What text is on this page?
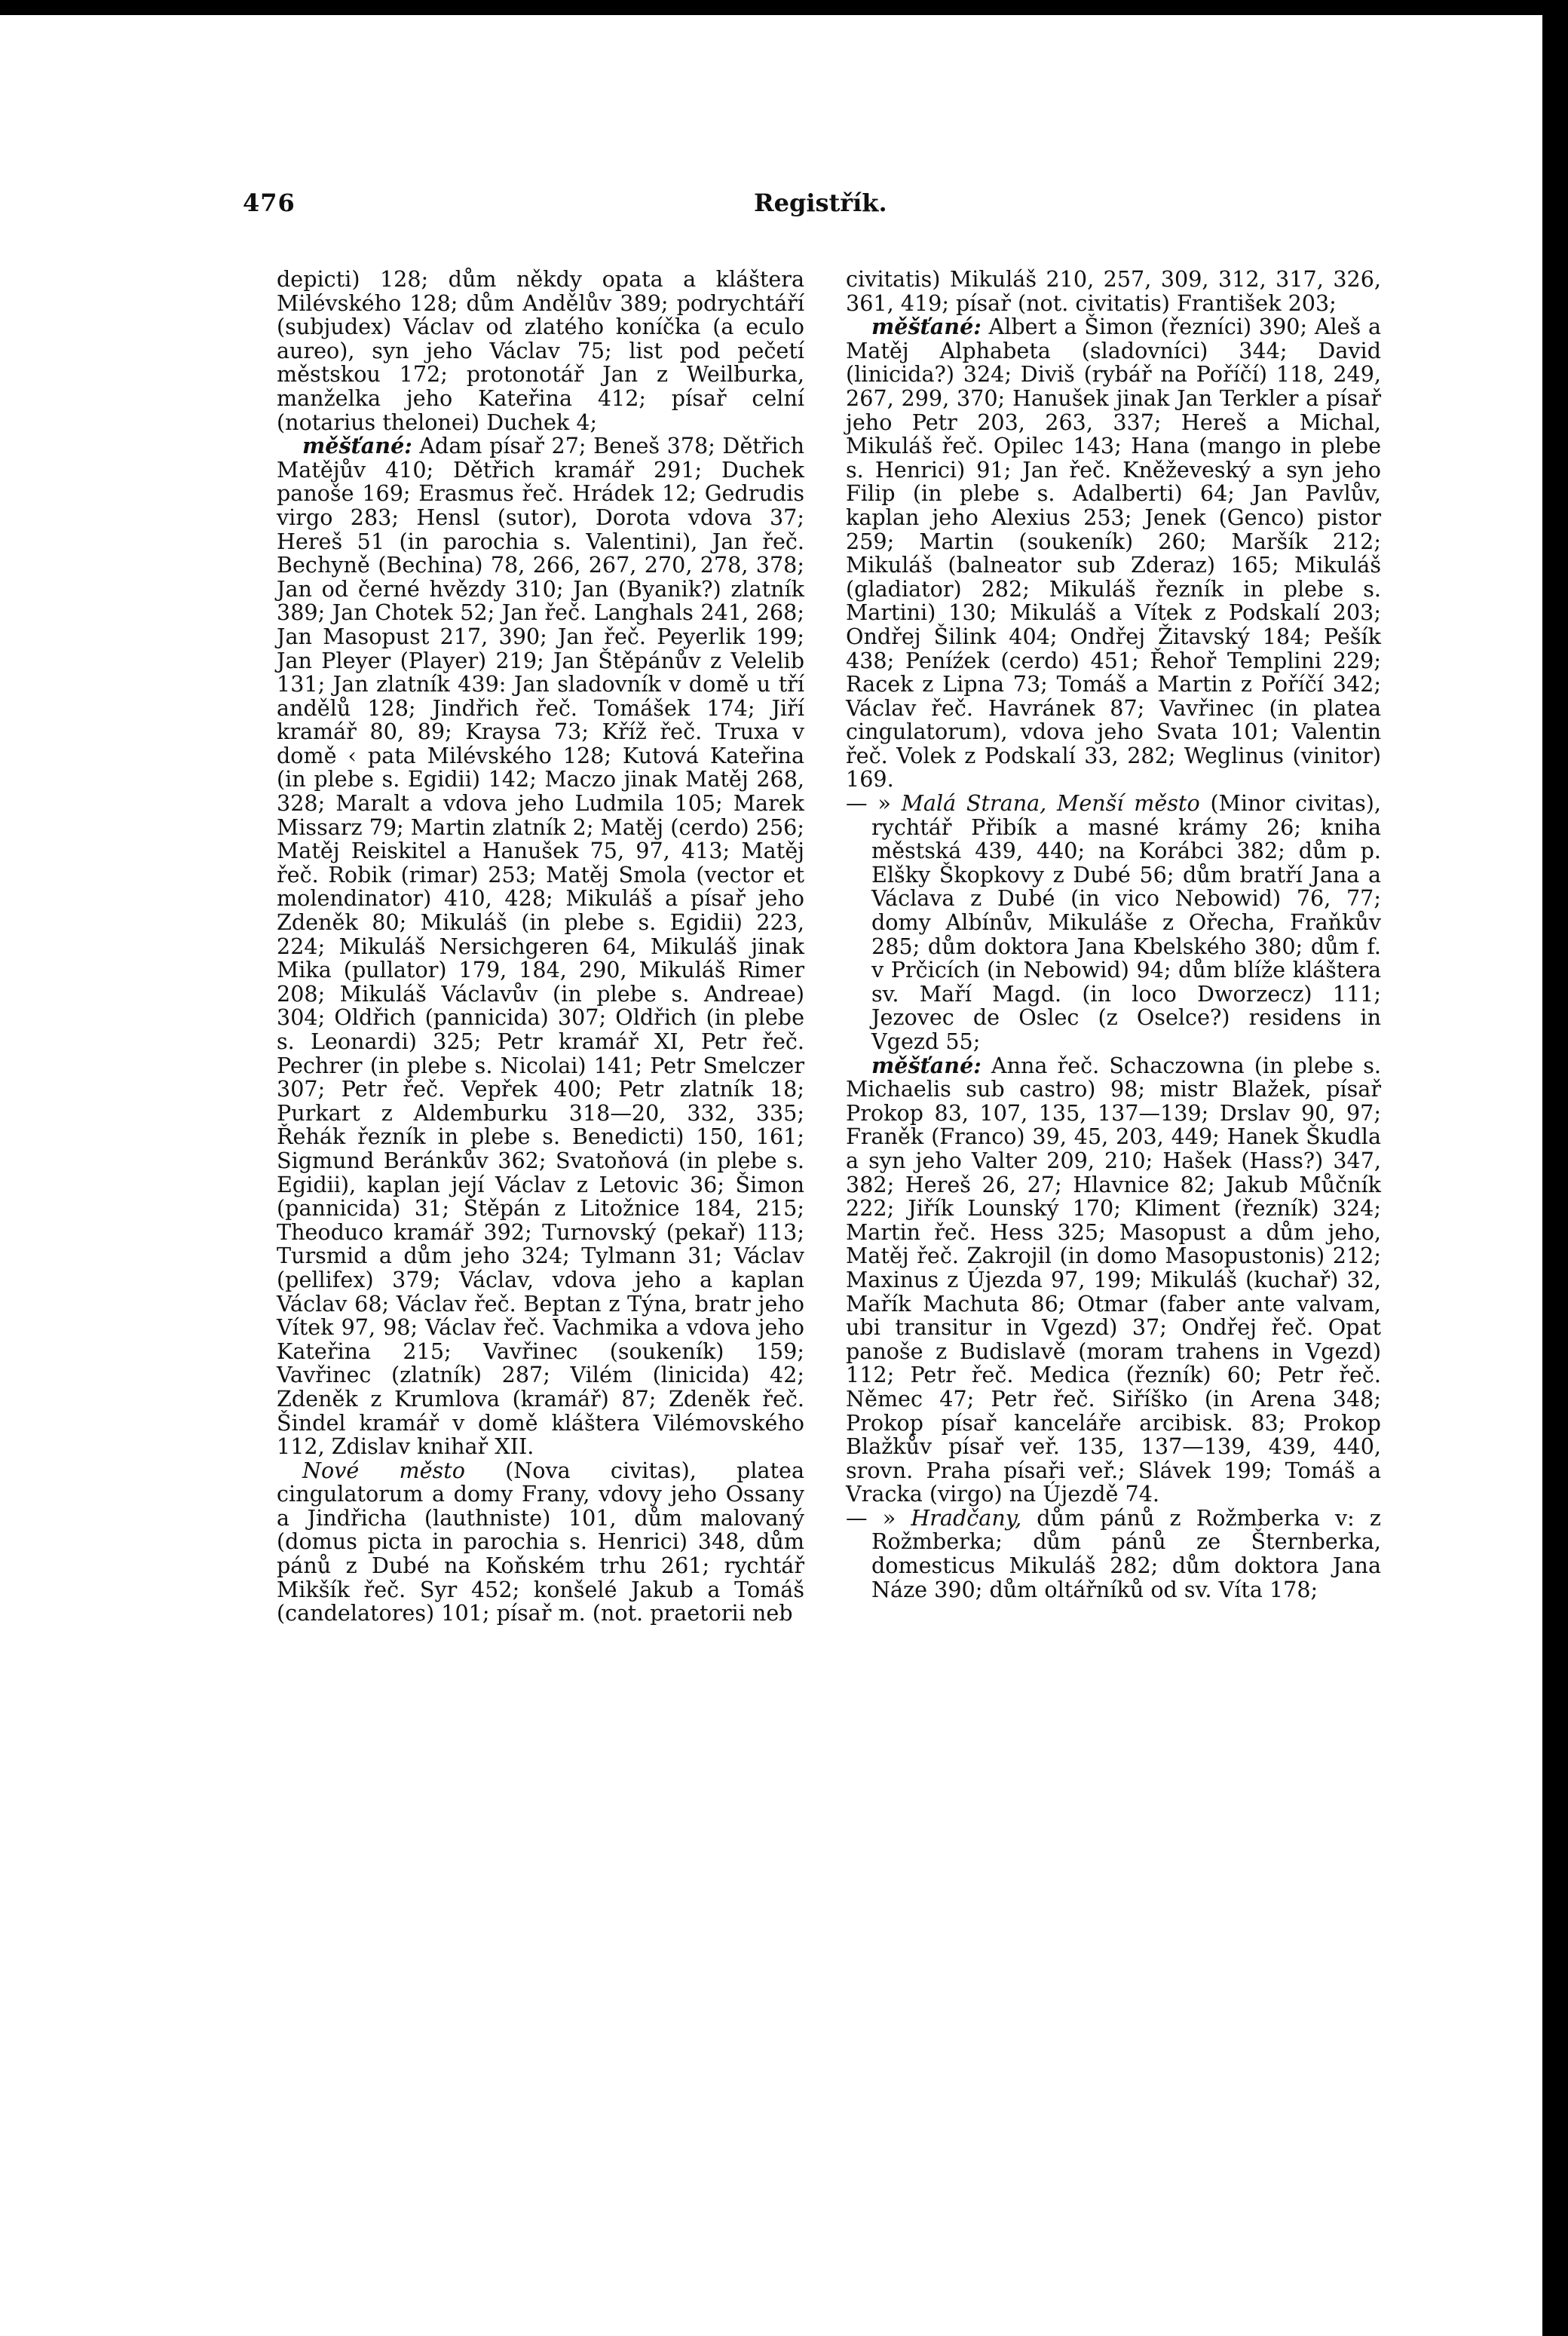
476	Registřík.

depicti) 128; dům někdy opata a kláštera Milévského 128; dům Andělův 389; podrychtáří (subjudex) Václav od zlatého koníčka (a eculo aureo), syn jeho Václav 75; list pod pečetí městskou 172; protonotář Jan z Weilburka, manželka jeho Kateřina 412; písař celní (notarius thelonei) Duchek 4;

měšťané: Adam písař 27; Beneš 378; Dětřich Matějův 410; Dětřich kramář 291; Duchek panoše 169; Erasmus řeč. Hrádek 12; Gedrudis virgo 283; Hensl (sutor), Dorota vdova 37; Hereš 51 (in parochia s. Valentini), Jan řeč. Bechyně (Bechina) 78, 266, 267, 270, 278, 378; Jan od černé hvězdy 310; Jan (Byanik?) zlatník 389; Jan Chotek 52; Jan řeč. Langhals 241, 268; Jan Masopust 217, 390; Jan řeč. Peyerlik 199; Jan Pleyer (Player) 219; Jan Štěpánův z Velelib 131; Jan zlatník 439: Jan sladovník v domě u tří andělů 128; Jindřich řeč. Tomášek 174; Jiří kramář 80, 89; Kraysa 73; Kříž řeč. Truxa v domě ‹ pata Milévského 128; Kutová Kateřina (in plebe s. Egidii) 142; Maczo jinak Matěj 268, 328; Maralt a vdova jeho Ludmila 105; Marek Missarz 79; Martin zlatník 2; Matěj (cerdo) 256; Matěj Reiskitel a Hanušek 75, 97, 413; Matěj řeč. Robik (rimar) 253; Matěj Smola (vector et molendinator) 410, 428; Mikuláš a písař jeho Zdeněk 80; Mikuláš (in plebe s. Egidii) 223, 224; Mikuláš Nersichgeren 64, Mikuláš jinak Mika (pullator) 179, 184, 290, Mikuláš Rimer 208; Mikuláš Václavův (in plebe s. Andreae) 304; Oldřich (pannicida) 307; Oldřich (in plebe s. Leonardi) 325; Petr kramář XI, Petr řeč. Pechrer (in plebe s. Nicolai) 141; Petr Smelczer 307; Petr řeč. Vepřek 400; Petr zlatník 18; Purkart z Aldemburku 318—20, 332, 335; Řehák řezník in plebe s. Benedicti) 150, 161; Sigmund Beránkův 362; Svatoňová (in plebe s. Egidii), kaplan její Václav z Letovic 36; Šimon (pannicida) 31; Štěpán z Litožnice 184, 215; Theoduco kramář 392; Turnovský (pekař) 113; Tursmid a dům jeho 324; Tylmann 31; Václav (pellifex) 379; Václav, vdova jeho a kaplan Václav 68; Václav řeč. Beptan z Týna, bratr jeho Vítek 97, 98; Václav řeč. Vachmika a vdova jeho Kateřina 215; Vavřinec (soukeník) 159; Vavřinec (zlatník) 287; Vilém (linicida) 42; Zdeněk z Krumlova (kramář) 87; Zdeněk řeč. Šindel kramář v domě kláštera Vilémovského 112, Zdislav knihař XII.

Nové město (Nova civitas), platea cingulatorum a domy Frany, vdovy jeho Ossany a Jindřicha (lauthniste) 101, dům malovaný (domus picta in parochia s. Henrici) 348, dům pánů z Dubé na Koňském trhu 261; rychtář Mikšík řeč. Syr 452; konšelé Jakub a Tomáš (candelatores) 101; písař m. (not. praetorii neb

civitatis) Mikuláš 210, 257, 309, 312, 317, 326, 361, 419; písař (not. civitatis) František 203;

měšťané: Albert a Šimon (řezníci) 390; Aleš a Matěj Alphabeta (sladovníci) 344; David (linicida?) 324; Diviš (rybář na Poříčí) 118, 249, 267, 299, 370; Hanušek jinak Jan Terkler a písař jeho Petr 203, 263, 337; Hereš a Michal, Mikuláš řeč. Opilec 143; Hana (mango in plebe s. Henrici) 91; Jan řeč. Kněževeský a syn jeho Filip (in plebe s. Adalberti) 64; Jan Pavlův, kaplan jeho Alexius 253; Jenek (Genco) pistor 259; Martin (soukeník) 260; Maršík 212; Mikuláš (balneator sub Zderaz) 165; Mikuláš (gladiator) 282; Mikuláš řezník in plebe s. Martini) 130; Mikuláš a Vítek z Podskalí 203; Ondřej Šilink 404; Ondřej Žitavský 184; Pešík 438; Peníźek (cerdo) 451; Řehoř Templini 229; Racek z Lipna 73; Tomáš a Martin z Poříčí 342; Václav řeč. Havránek 87; Vavřinec (in platea cingulatorum), vdova jeho Svata 101; Valentin řeč. Volek z Podskalí 33, 282; Weglinus (vinitor) 169.

— » Malá Strana, Menší město (Minor civitas), rychtář Přibík a masné krámy 26; kniha městská 439, 440; na Korábci 382; dům p. Elšky Škopkovy z Dubé 56; dům bratří Jana a Václava z Dubé (in vico Nebowid) 76, 77; domy Albínův, Mikuláše z Ořecha, Fraňkův 285; dům doktora Jana Kbelského 380; dům f. v Prčicích (in Nebowid) 94; dům blíže kláštera sv. Maří Magd. (in loco Dworzecz) 111; Jezovec de Oslec (z Oselce?) residens in Vgezd 55;

měšťané: Anna řeč. Schaczowna (in plebe s. Michaelis sub castro) 98; mistr Blažek, písař Prokop 83, 107, 135, 137—139; Drslav 90, 97; Franěk (Franco) 39, 45, 203, 449; Hanek Škudla a syn jeho Valter 209, 210; Hašek (Hass?) 347, 382; Hereš 26, 27; Hlavnice 82; Jakub Můčník 222; Jiřík Lounský 170; Kliment (řezník) 324; Martin řeč. Hess 325; Masopust a dům jeho, Matěj řeč. Zakrojil (in domo Masopustonis) 212; Maxinus z Újezda 97, 199; Mikuláš (kuchař) 32, Mařík Machuta 86; Otmar (faber ante valvam, ubi transitur in Vgezd) 37; Ondřej řeč. Opat panoše z Budislavě (moram trahens in Vgezd) 112; Petr řeč. Medica (řezník) 60; Petr řeč. Němec 47; Petr řeč. Siříško (in Arena 348; Prokop písař kanceláře arcibisk. 83; Prokop Blažkův písař veř. 135, 137—139, 439, 440, srovn. Praha písaři veř.; Slávek 199; Tomáš a Vracka (virgo) na Újezdě 74.

— » Hradčany, dům pánů z Rožmberka v: z Rožmberka; dům pánů ze Šternberka, domesticus Mikuláš 282; dům doktora Jana Náze 390; dům oltářníků od sv. Víta 178;
